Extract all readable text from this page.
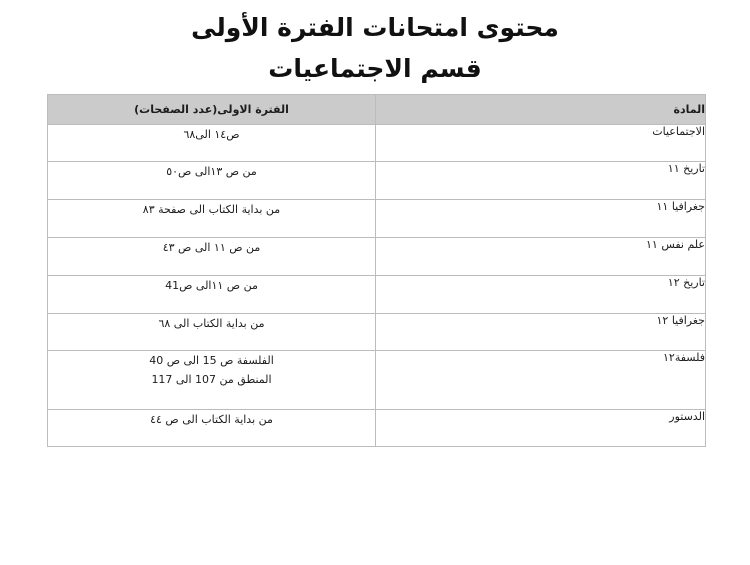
محتوى امتحانات الفترة الأولى
قسم الاجتماعيات
المادة	الفترة الاولى(عدد الصفحات)
الاجتماعيات	ص١٤ الى٦٨

تاريخ ١١	من ص ١٣الى ص٥٠

جغرافيا ١١	من بداية الكتاب الى صفحة ٨٣

علم نفس ١١	من ص ١١ الى ص ٤٣

تاريخ ١٢	من ص ١١الى ص41

جغرافيا ١٢	من بداية الكتاب الى ٦٨

فلسفة١٢	الفلسفة ص 15 الى ص 40
المنطق من 107 الى 117

الدستور	من بداية الكتاب الى ص ٤٤
